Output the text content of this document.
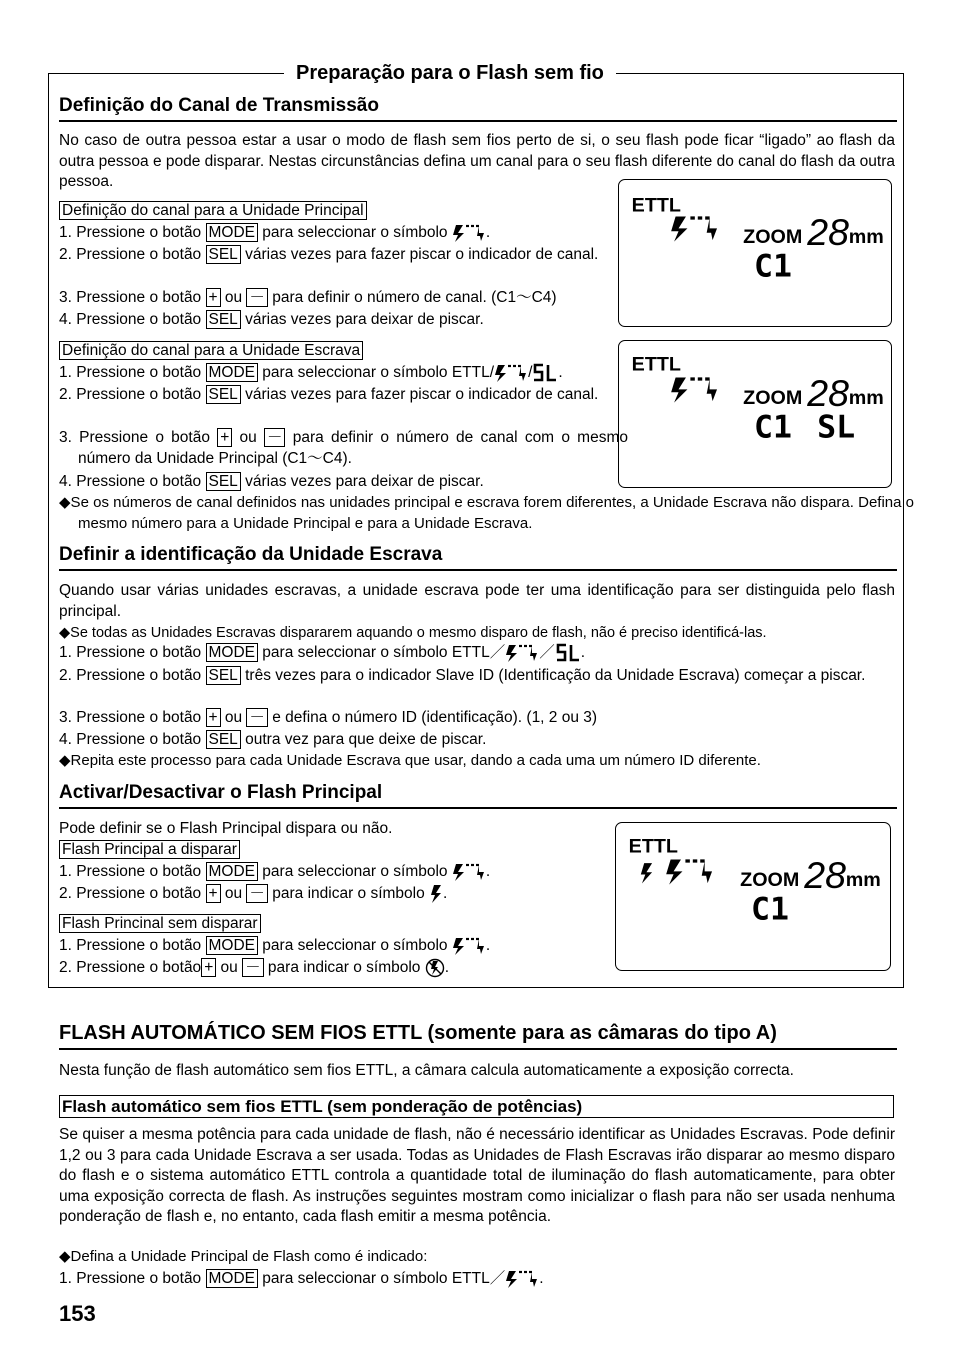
Preparação para o Flash sem fio
Definição do Canal de Transmissão
No caso de outra pessoa estar a usar o modo de flash sem fios perto de si, o seu flash pode ficar “ligado” ao flash da outra pessoa e pode disparar. Nestas circunstâncias defina um canal para o seu flash diferente do canal do flash da outra pessoa.
Definição do canal para a Unidade Principal
1. Pressione o botão MODE para seleccionar o símbolo .
2. Pressione o botão SEL várias vezes para fazer piscar o indicador de canal.
3. Pressione o botão + ou － para definir o número de canal. (C1～C4)
4. Pressione o botão SEL várias vezes para deixar de piscar.
ETTL
ZOOM 28 mm
C1
Definição do canal para a Unidade Escrava
1. Pressione o botão MODE para seleccionar o símbolo ETTL/ / .
2. Pressione o botão SEL várias vezes para fazer piscar o indicador de canal.
3. Pressione o botão + ou － para definir o número de canal com o mesmo número da Unidade Principal (C1～C4).
4. Pressione o botão SEL várias vezes para deixar de piscar.
ETTL
ZOOM 28 mm
C1 SL
◆Se os números de canal definidos nas unidades principal e escrava forem diferentes, a Unidade Escrava não dispara. Defina o mesmo número para a Unidade Principal e para a Unidade Escrava.
Definir a identificação da Unidade Escrava
Quando usar várias unidades escravas, a unidade escrava pode ter uma identificação para ser distinguida pelo flash principal.
◆Se todas as Unidades Escravas dispararem aquando o mesmo disparo de flash, não é preciso identificá-las.
1. Pressione o botão MODE para seleccionar o símbolo ETTL／ ／ .
2. Pressione o botão SEL três vezes para o indicador Slave ID (Identificação da Unidade Escrava) começar a piscar.
3. Pressione o botão + ou － e defina o número ID (identificação). (1, 2 ou 3)
4. Pressione o botão SEL outra vez para que deixe de piscar.
◆Repita este processo para cada Unidade Escrava que usar, dando a cada uma um número ID diferente.
Activar/Desactivar o Flash Principal
Pode definir se o Flash Principal dispara ou não.
Flash Principal a disparar
1. Pressione o botão MODE para seleccionar o símbolo .
2. Pressione o botão + ou － para indicar o símbolo .
Flash Princinal sem disparar
1. Pressione o botão MODE para seleccionar o símbolo .
2. Pressione o botão + ou － para indicar o símbolo .
ETTL
ZOOM 28 mm
C1
FLASH AUTOMÁTICO SEM FIOS ETTL (somente para as câmaras do tipo A)
Nesta função de flash automático sem fios ETTL, a câmara calcula automaticamente a exposição correcta.
Flash automático sem fios ETTL (sem ponderação de potências)
Se quiser a mesma potência para cada unidade de flash, não é necessário identificar as Unidades Escravas. Pode definir 1,2 ou 3 para cada Unidade Escrava a ser usada. Todas as Unidades de Flash Escravas irão disparar ao mesmo disparo do flash e o sistema automático ETTL controla a quantidade total de iluminação do flash automaticamente, para obter uma exposição correcta de flash. As instruções seguintes mostram como inicializar o flash para não ser usada nenhuma ponderação de flash e, no entanto, cada flash emitir a mesma potência.
◆Defina a Unidade Principal de Flash como é indicado:
1. Pressione o botão MODE para seleccionar o símbolo ETTL／ .
153
